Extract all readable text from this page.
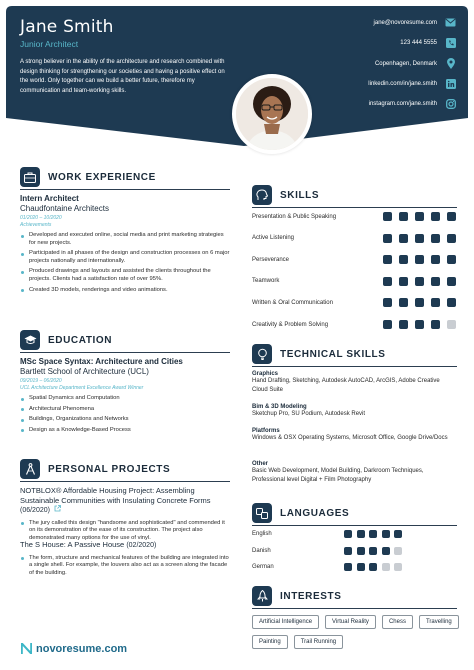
Jane Smith
Junior Architect
A strong believer in the ability of the architecture and research combined with design thinking for strengthening our societies and having a positive effect on the world. Only together can we build a better future, therefore my communication and team-working skills.
jane@novoresume.com
123 444 5555
Copenhagen, Denmark
linkedin.com/in/jane.smith
instagram.com/jane.smith
WORK EXPERIENCE
Intern Architect
Chaudfontaine Architects
01/2020 – 10/2020
Achievements
Developed and executed online, social media and print marketing strategies for new projects.
Participated in all phases of the design and construction processes on 6 major projects nationally and internationally.
Produced drawings and layouts and assisted the clients throughout the projects. Clients had a satisfaction rate of over 95%.
Created 3D models, renderings and video animations.
EDUCATION
MSc Space Syntax: Architecture and Cities
Bartlett School of Architecture (UCL)
09/2019 – 06/2020
UCL Architecture Department Excellence Award Winner
Spatial Dynamics and Computation
Architectural Phenomena
Buildings, Organizations and Networks
Design as a Knowledge-Based Process
PERSONAL PROJECTS
NOTBLOX® Affordable Housing Project: Assembling Sustainable Communities with Insulating Concrete Forms (06/2020)
The jury called this design "handsome and sophisticated" and commended it on its demonstration of the ease of its construction. The project also demonstrated many options for the use of vinyl.
The S House: A Passive House (02/2020)
The form, structure and mechanical features of the building are integrated into a single shell. For example, the louvers also act as a screen along the facade of the building.
SKILLS
Presentation & Public Speaking
Active Listening
Perseverance
Teamwork
Written & Oral Communication
Creativity & Problem Solving
TECHNICAL SKILLS
Graphics
Hand Drafting, Sketching, Autodesk AutoCAD, ArcGIS, Adobe Creative Cloud Suite
Bim & 3D Modeling
Sketchup Pro, SU Podium, Autodesk Revit
Platforms
Windows & OSX Operating Systems, Microsoft Office, Google Drive/Docs
Other
Basic Web Development, Model Building, Darkroom Techniques, Professional level Digital + Film Photography
LANGUAGES
English
Danish
German
INTERESTS
Artificial Intelligence	Virtual Reality	Chess	Travelling
Painting	Trail Running
novoresume.com
